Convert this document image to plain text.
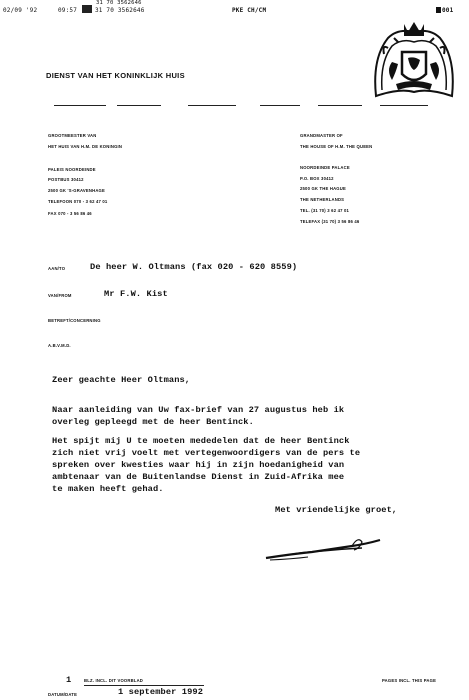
31 70 3562646
02/09 '92	09:57	31 70 3562646	PKE CH/CM	001
DIENST VAN HET KONINKLIJK HUIS
GROOTMEESTER VAN
HET HUIS VAN H.M. DE KONINGIN
PALEIS NOORDEINDE
POSTBUS 30412
2500 GK 'S-GRAVENHAGE
TELEFOON 070 - 3 62 47 01
FAX 070 - 3 56 86 46
GRANDMASTER OF
THE HOUSE OF H.M. THE QUEEN
NOORDEINDE PALACE
P.O. BOX 30412
2500 GK THE HAGUE
THE NETHERLANDS
TEL. (31 70) 3 62 47 01
TELEFAX (31 70) 3 56 86 46
AAN/TO	De heer W. Oltmans (fax 020 - 620 8559)
VAN/FROM	Mr F.W. Kist
BETREFT/CONCERNING
A.B.V.M.D.
Zeer geachte Heer Oltmans,
Naar aanleiding van Uw fax-brief van 27 augustus heb ik
overleg gepleegd met de heer Bentinck.
Het spijt mij U te moeten mededelen dat de heer Bentinck
zich niet vrij voelt met vertegenwoordigers van de pers te
spreken over kwesties waar hij in zijn hoedanigheid van
ambtenaar van de Buitenlandse Dienst in Zuid-Afrika mee
te maken heeft gehad.
Met vriendelijke groet,
1	BLZ. INCL. DIT VOORBLAD	PAGES INCL. THIS PAGE
DATUM/DATE	1 september 1992
